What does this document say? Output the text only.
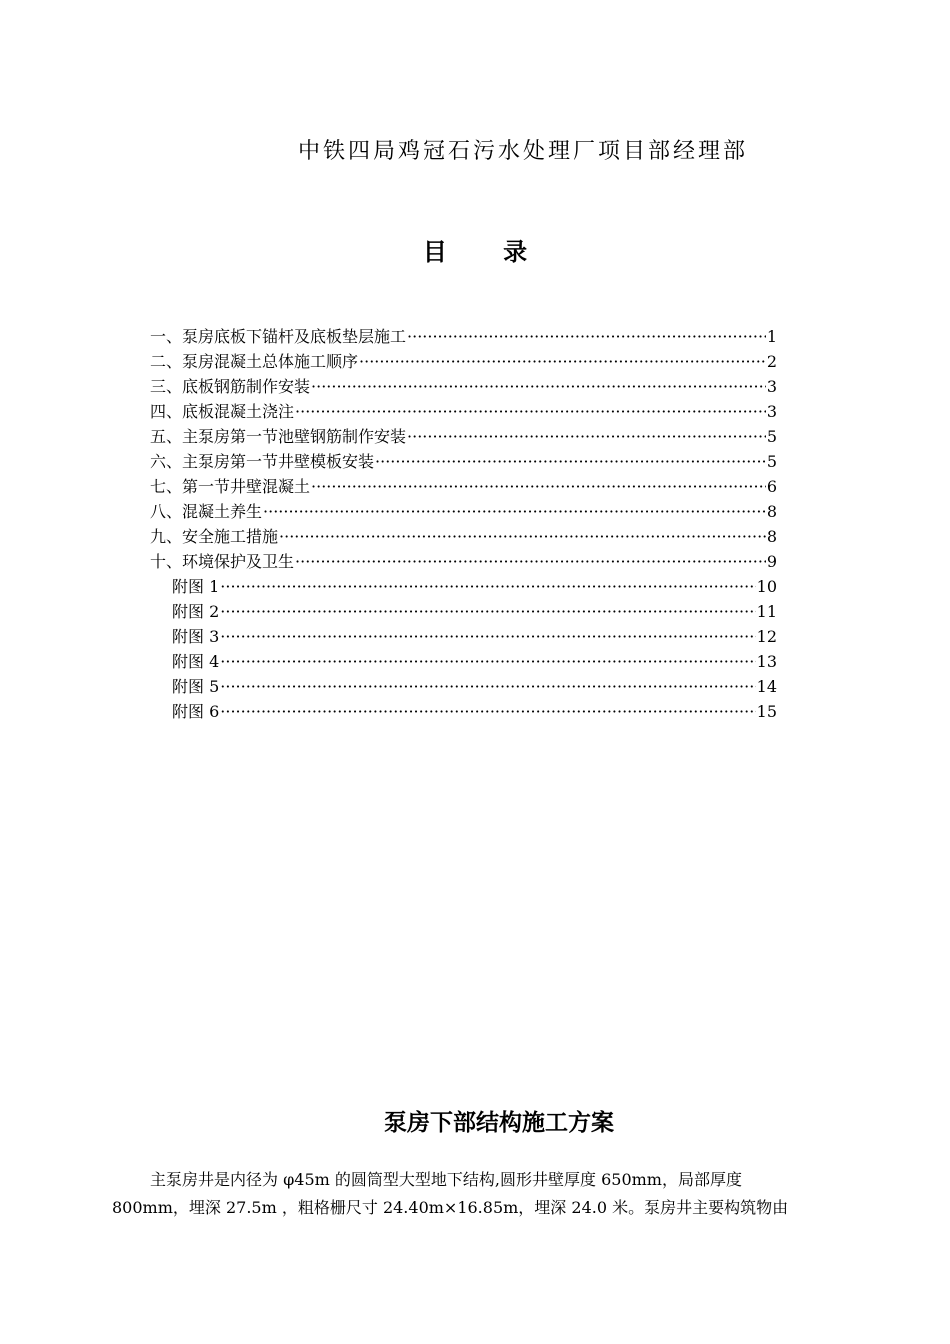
中铁四局鸡冠石污水处理厂项目部经理部
目 录
一、泵房底板下锚杆及底板垫层施工 ·····	1
二、泵房混凝土总体施工顺序 ·····	2
三、底板钢筋制作安装 ·····	3
四、底板混凝土浇注 ·····	3
五、主泵房第一节池壁钢筋制作安装 ·····	5
六、主泵房第一节井壁模板安装 ·····	5
七、第一节井壁混凝土 ·····	6
八、混凝土养生 ·····	8
九、安全施工措施 ·····	8
十、环境保护及卫生 ·····	9
附图 1 ·····	10
附图 2 ·····	11
附图 3 ·····	12
附图 4 ·····	13
附图 5 ·····	14
附图 6 ·····	15
泵房下部结构施工方案

主泵房井是内径为 φ45m 的圆筒型大型地下结构,圆形井壁厚度 650mm，局部厚度

800mm，埋深 27.5m ，粗格栅尺寸 24.40m×16.85m，埋深 24.0 米。泵房井主要构筑物由
